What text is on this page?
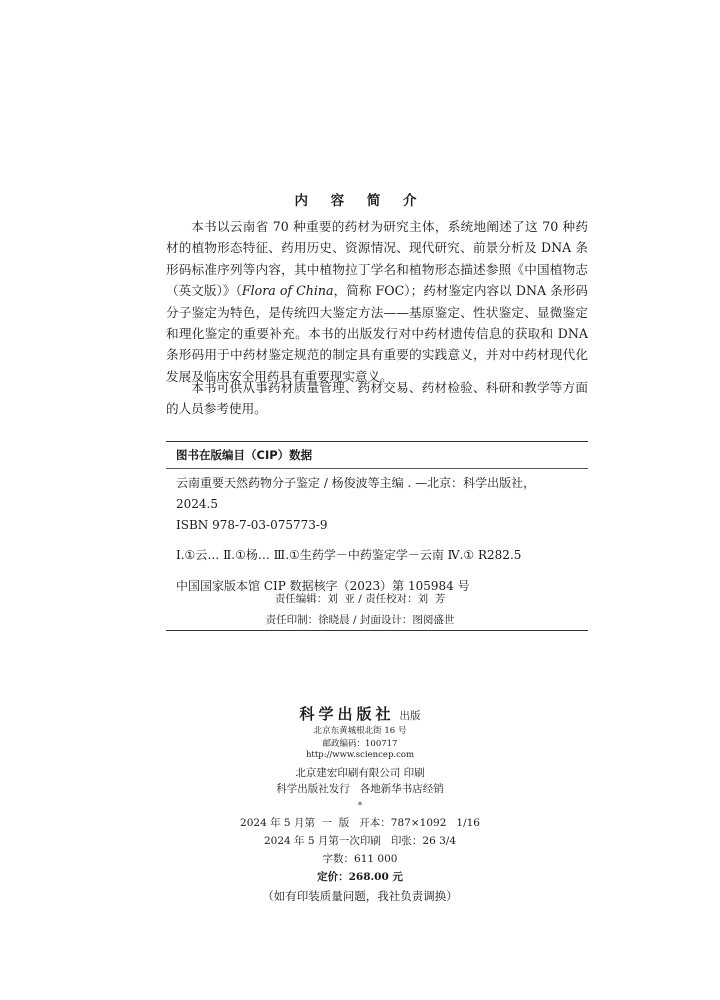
内 容 简 介

本书以云南省 70 种重要的药材为研究主体，系统地阐述了这 70 种药材的植物形态特征、药用历史、资源情况、现代研究、前景分析及 DNA 条形码标准序列等内容，其中植物拉丁学名和植物形态描述参照《中国植物志（英文版）》（Flora of China，简称 FOC）；药材鉴定内容以 DNA 条形码分子鉴定为特色，是传统四大鉴定方法——基原鉴定、性状鉴定、显微鉴定和理化鉴定的重要补充。本书的出版发行对中药材遗传信息的获取和 DNA 条形码用于中药材鉴定规范的制定具有重要的实践意义，并对中药材现代化发展及临床安全用药具有重要现实意义。

本书可供从事药材质量管理、药材交易、药材检验、科研和教学等方面的人员参考使用。

图书在版编目（CIP）数据
云南重要天然药物分子鉴定 / 杨俊波等主编 . —北京：科学出版社，
2024.5
ISBN 978-7-03-075773-9
Ⅰ.①云… Ⅱ.①杨… Ⅲ.①生药学－中药鉴定学－云南 Ⅳ.① R282.5
中国国家版本馆 CIP 数据核字（2023）第 105984 号
责任编辑：刘  亚 / 责任校对：刘  芳
责任印制：徐晓晨 / 封面设计：图阅盛世
科学出版社 出版
北京东黄城根北街 16 号
邮政编码：100717
http://www.sciencep.com
北京建宏印刷有限公司 印刷
科学出版社发行   各地新华书店经销
*
2024 年 5 月第  一  版   开本：787×1092   1/16
2024 年 5 月第一次印刷   印张：26 3/4
字数：611 000
定价：268.00 元
（如有印装质量问题，我社负责调换）
